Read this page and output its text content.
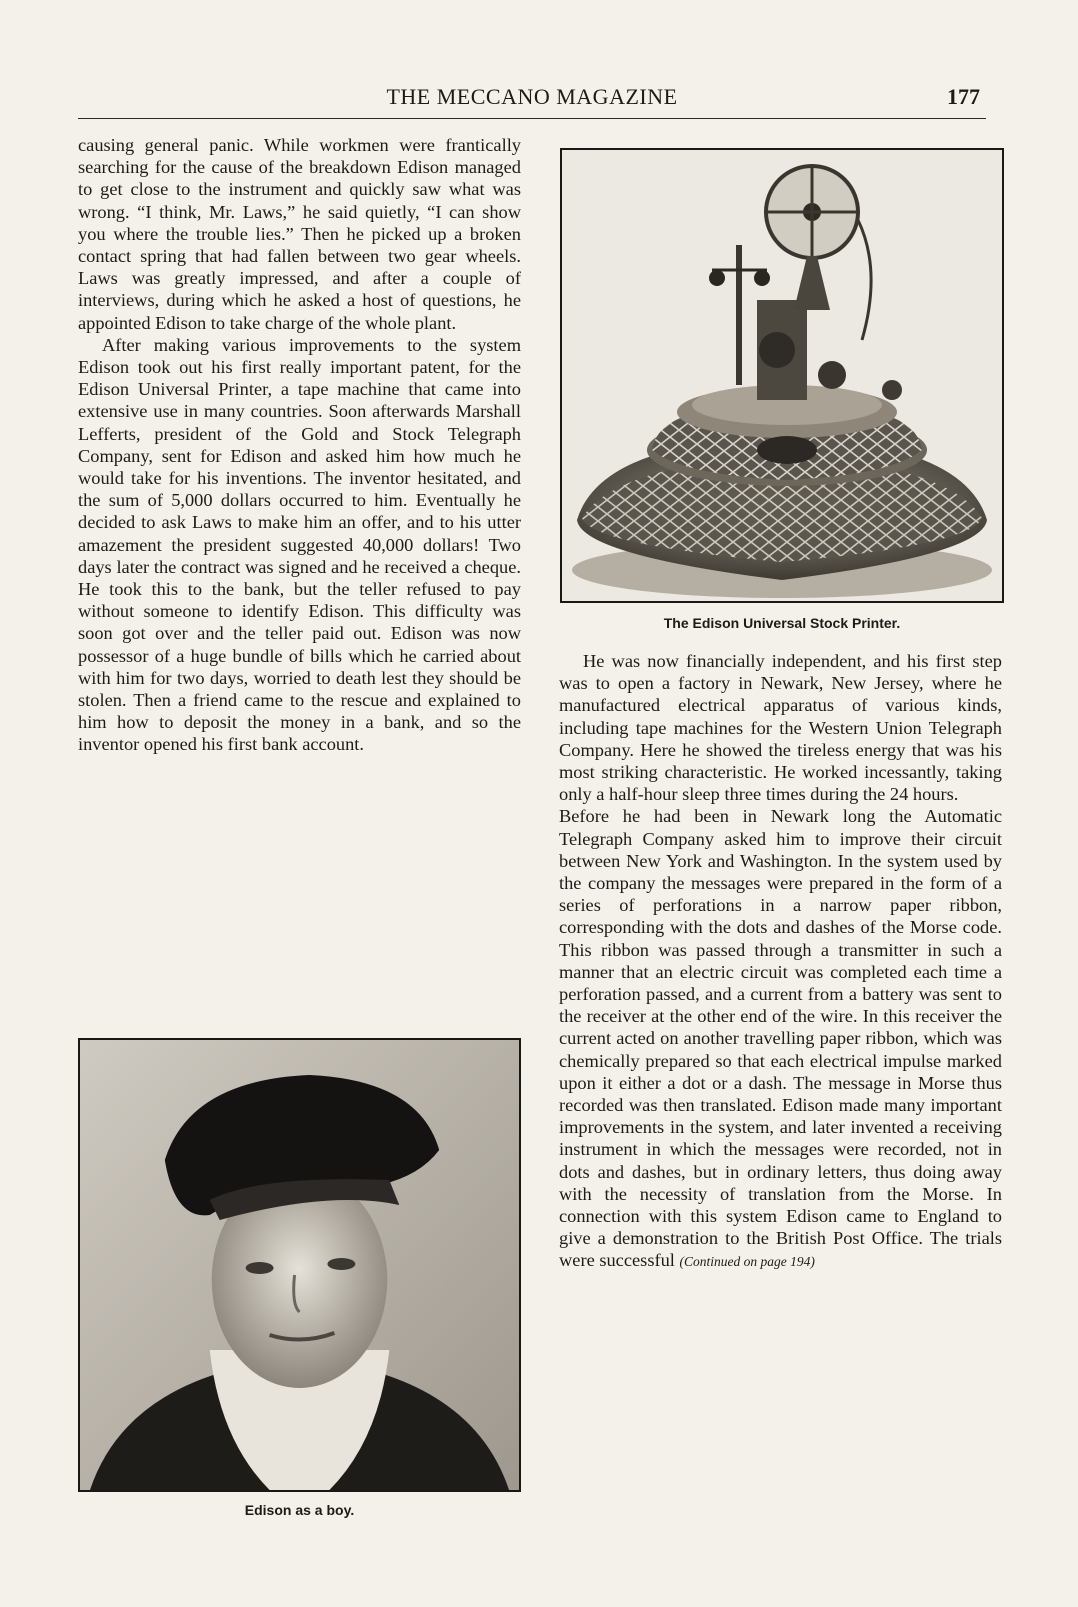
THE MECCANO MAGAZINE	177

causing general panic. While workmen were frantically searching for the cause of the breakdown Edison managed to get close to the instrument and quickly saw what was wrong. “I think, Mr. Laws,” he said quietly, “I can show you where the trouble lies.” Then he picked up a broken contact spring that had fallen between two gear wheels. Laws was greatly impressed, and after a couple of interviews, during which he asked a host of questions, he appointed Edison to take charge of the whole plant.

After making various improvements to the system Edison took out his first really important patent, for the Edison Universal Printer, a tape machine that came into extensive use in many countries. Soon afterwards Marshall Lefferts, president of the Gold and Stock Telegraph Company, sent for Edison and asked him how much he would take for his inventions. The inventor hesitated, and the sum of 5,000 dollars occurred to him. Eventually he decided to ask Laws to make him an offer, and to his utter amazement the president suggested 40,000 dollars! Two days later the contract was signed and he received a cheque. He took this to the bank, but the teller refused to pay without someone to identify Edison. This difficulty was soon got over and the teller paid out. Edison was now possessor of a huge bundle of bills which he carried about with him for two days, worried to death lest they should be stolen. Then a friend came to the rescue and explained to him how to deposit the money in a bank, and so the inventor opened his first bank account.

The Edison Universal Stock Printer.

He was now financially independent, and his first step was to open a factory in Newark, New Jersey, where he manufactured electrical apparatus of various kinds, including tape machines for the Western Union Telegraph Company. Here he showed the tireless energy that was his most striking characteristic. He worked incessantly, taking only a half-hour sleep three times during the 24 hours.

Before he had been in Newark long the Automatic Telegraph Company asked him to improve their circuit between New York and Washington. In the system used by the company the messages were prepared in the form of a series of perforations in a narrow paper ribbon, corresponding with the dots and dashes of the Morse code. This ribbon was passed through a transmitter in such a manner that an electric circuit was completed each time a perforation passed, and a current from a battery was sent to the receiver at the other end of the wire. In this receiver the current acted on another travelling paper ribbon, which was chemically prepared so that each electrical impulse marked upon it either a dot or a dash. The message in Morse thus recorded was then translated. Edison made many important improvements in the system, and later invented a receiving instrument in which the messages were recorded, not in dots and dashes, but in ordinary letters, thus doing away with the necessity of translation from the Morse. In connection with this system Edison came to England to give a demonstration to the British Post Office. The trials were successful (Continued on page 194)

Edison as a boy.
